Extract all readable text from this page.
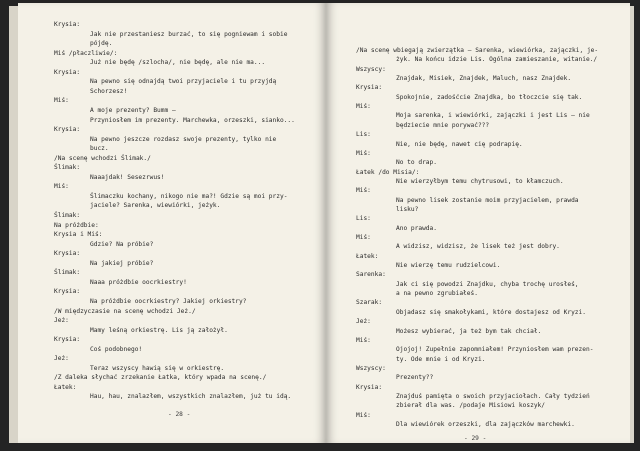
Krysia:
Jak nie przestaniesz burzać, to się pogniewam i sobie
pójdę.
Miś /płaczliwie/:
Już nie będę /szlocha/, nie będę, ale nie ma...
Krysia:
Na pewno się odnajdą twoi przyjaciele i tu przyjdą
Schorzesz!
Miś:
A moje prezenty? Bumm –
Przyniosłem im prezenty. Marchewka, orzeszki, sianko...
Krysia:
Na pewno jeszcze rozdasz swoje prezenty, tylko nie
bucz.
/Na scenę wchodzi Ślimak./
Ślimak:
Naaajdak! Sesezrwus!
Miś:
Ślimaczku kochany, nikogo nie ma?! Gdzie są moi przy-
jaciele? Sarenka, wiewiórki, jeżyk.
Ślimak:
Na próżdbie:
Krysia i Miś:
Gdzie? Na próbie?
Krysia:
Na jakiej próbie?
Ślimak:
Naaa próżdbie oocrkiestry!
Krysia:
Na próżdbie oocrkiestry? Jakiej orkiestry?
/W międzyczasie na scenę wchodzi Jeż./
Jeż:
Mamy leśną orkiestrę. Lis ją założył.
Krysia:
Coś podobnego!
Jeż:
Teraz wszyscy hawią się w orkiestrę.
/Z daleka słychać zrzekanie Łatka, który wpada na scenę./
Łatek:
Hau, hau, znalazłem, wszystkich znalazłem, już tu idą.
- 28 -
/Na scenę wbiegają zwierzątka – Sarenka, wiewiórka, zajączki, je-
żyk. Na końcu idzie Lis. Ogólna zamieszanie, witanie./
Wszyscy:
Znajdak, Misiek, Znajdek, Maluch, nasz Znajdek.
Krysia:
Spokojnie, zadośćcie Znajdka, bo tłoczcie się tak.
Miś:
Moja sarenka, i wiewiórki, zajączki i jest Lis – nie
będziecie mnie porywać???
Lis:
Nie, nie będę, nawet cię podrapię.
Miś:
No to drap.
Łatek /do Misia/:
Nie wierzyłbym temu chytrusowi, to kłamczuch.
Miś:
Na pewno lisek zostanie moim przyjacielem, prawda
lisku?
Lis:
Ano prawda.
Miś:
A widzisz, widzisz, że lisek też jest dobry.
Łatek:
Nie wierzę temu rudzielcowi.
Sarenka:
Jak ci się powodzi Znajdku, chyba trochę urosłeś,
a na pewno zgrubiałeś.
Szarak:
Objadasz się smakołykami, które dostajesz od Kryzi.
Jeż:
Możesz wybierać, ja też bym tak chciał.
Miś:
Ojojoj! Zupełnie zapomniałem! Przyniosłem wam prezen-
ty. Ode mnie i od Kryzi.
Wszyscy:
Prezenty??
Krysia:
Znajduś pamięta o swoich przyjaciołach. Cały tydzień
zbierał dla was. /podaje Misiowi koszyk/
Miś:
Dla wiewiórek orzeszki, dla zajączków marchewki.
- 29 -
